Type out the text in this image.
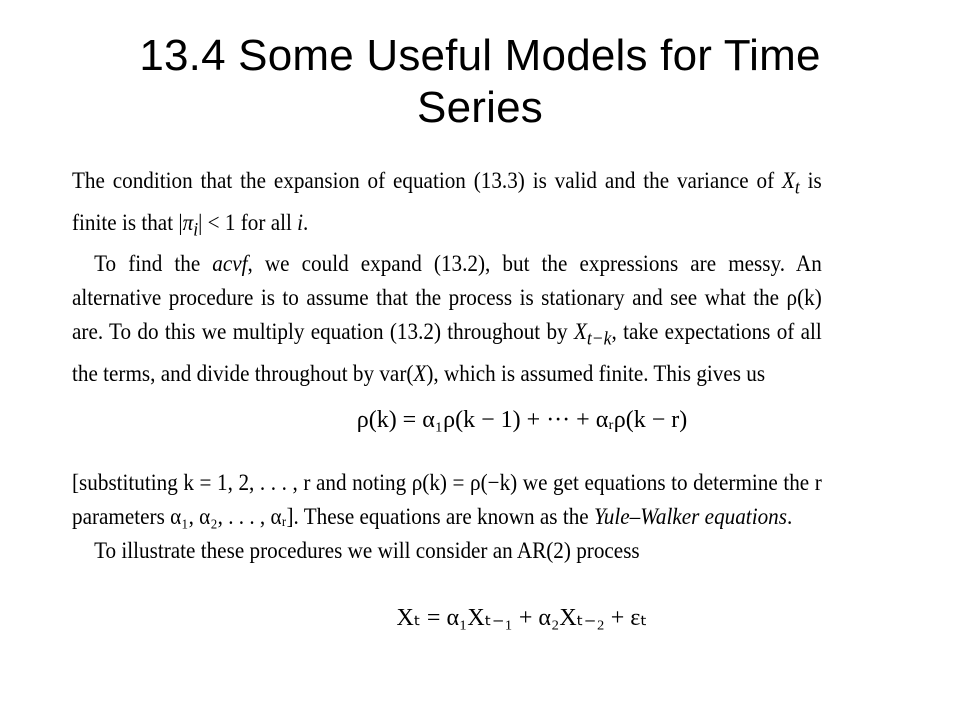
13.4 Some Useful Models for Time
Series

The condition that the expansion of equation (13.3) is valid and the variance of $X_t$ is finite is that $|\pi_i| < 1$ for all i.

To find the acvf, we could expand (13.2), but the expressions are messy. An alternative procedure is to assume that the process is stationary and see what the ρ(k) are. To do this we multiply equation (13.2) throughout by $X_{t-k}$, take expectations of all the terms, and divide throughout by var(X), which is assumed finite. This gives us

ρ(k) = α₁ρ(k − 1) + ··· + αᵣρ(k − r)

[substituting k = 1, 2, . . . , r and noting ρ(k) = ρ(−k) we get equations to determine the r parameters α₁, α₂, . . . , αᵣ]. These equations are known as the Yule–Walker equations.

To illustrate these procedures we will consider an AR(2) process

Xₜ = α₁Xₜ₋₁ + α₂Xₜ₋₂ + εₜ
